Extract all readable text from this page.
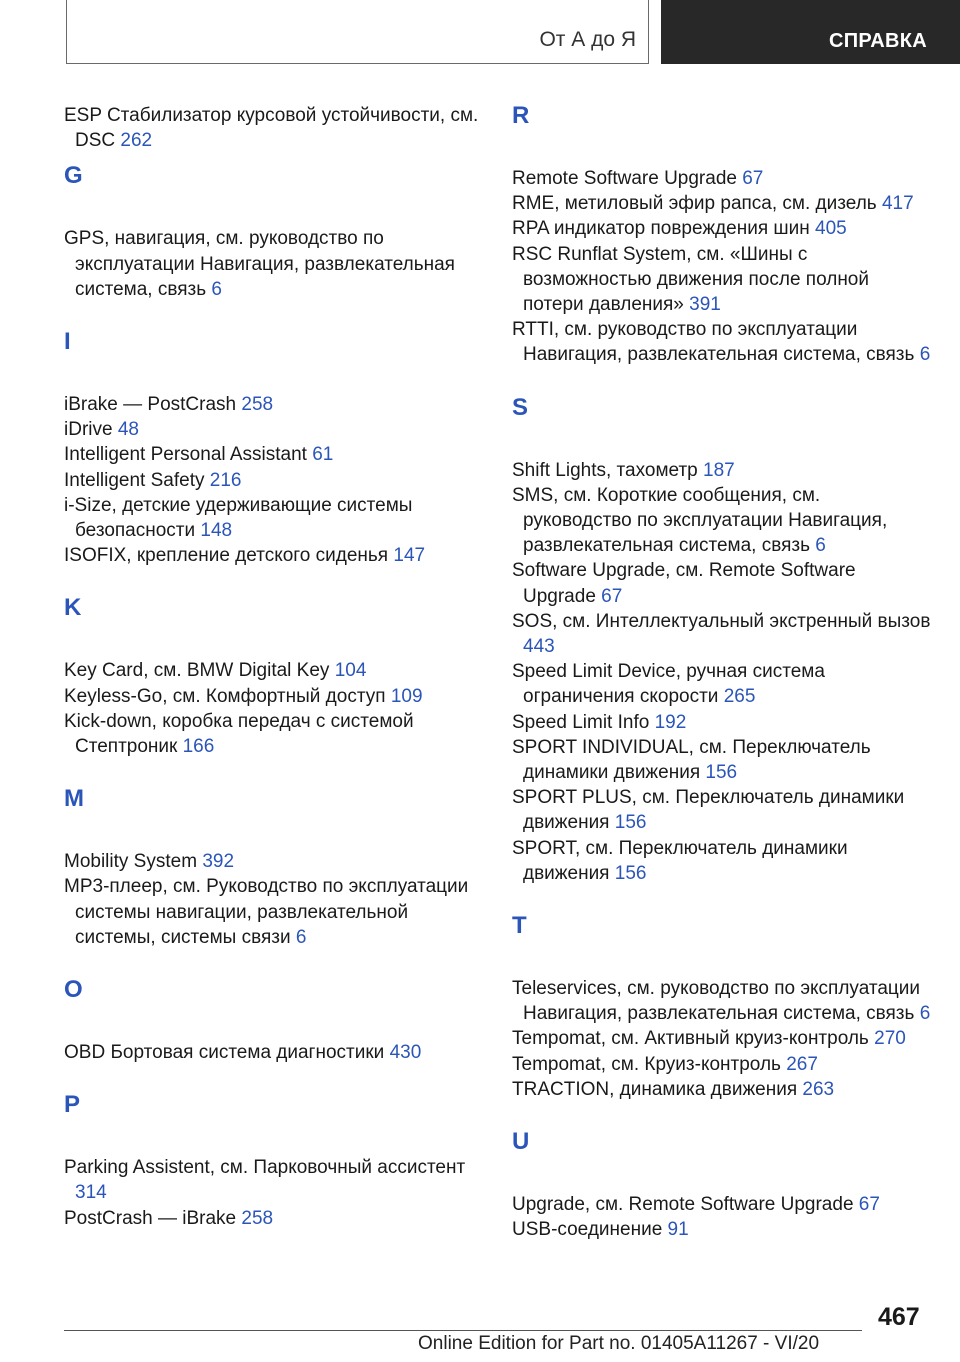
От А до Я	СПРАВКА
ESP Стабилизатор курсовой устойчивости, см. DSC 262
G
GPS, навигация, см. руководство по эксплуатации Навигация, развлекательная система, связь 6
I
iBrake — PostCrash 258
iDrive 48
Intelligent Personal Assistant 61
Intelligent Safety 216
i-Size, детские удерживающие системы безопасности 148
ISOFIX, крепление детского сиденья 147
K
Key Card, см. BMW Digital Key 104
Keyless-Go, см. Комфортный доступ 109
Kick-down, коробка передач с системой Стептроник 166
M
Mobility System 392
MP3-плеер, см. Руководство по эксплуатации системы навигации, развлекательной системы, системы связи 6
O
OBD Бортовая система диагностики 430
P
Parking Assistent, см. Парковочный ассистент 314
PostCrash — iBrake 258
R
Remote Software Upgrade 67
RME, метиловый эфир рапса, см. дизель 417
RPA индикатор повреждения шин 405
RSC Runflat System, см. «Шины с возможностью движения после полной потери давления» 391
RTTI, см. руководство по эксплуатации Навигация, развлекательная система, связь 6
S
Shift Lights, тахометр 187
SMS, см. Короткие сообщения, см. руководство по эксплуатации Навигация, развлекательная система, связь 6
Software Upgrade, см. Remote Software Upgrade 67
SOS, см. Интеллектуальный экстренный вызов 443
Speed Limit Device, ручная система ограничения скорости 265
Speed Limit Info 192
SPORT INDIVIDUAL, см. Переключатель динамики движения 156
SPORT PLUS, см. Переключатель динамики движения 156
SPORT, см. Переключатель динамики движения 156
T
Teleservices, см. руководство по эксплуатации Навигация, развлекательная система, связь 6
Tempomat, см. Активный круиз-контроль 270
Tempomat, см. Круиз-контроль 267
TRACTION, динамика движения 263
U
Upgrade, см. Remote Software Upgrade 67
USB-соединение 91
467
Online Edition for Part no. 01405A11267 - VI/20
